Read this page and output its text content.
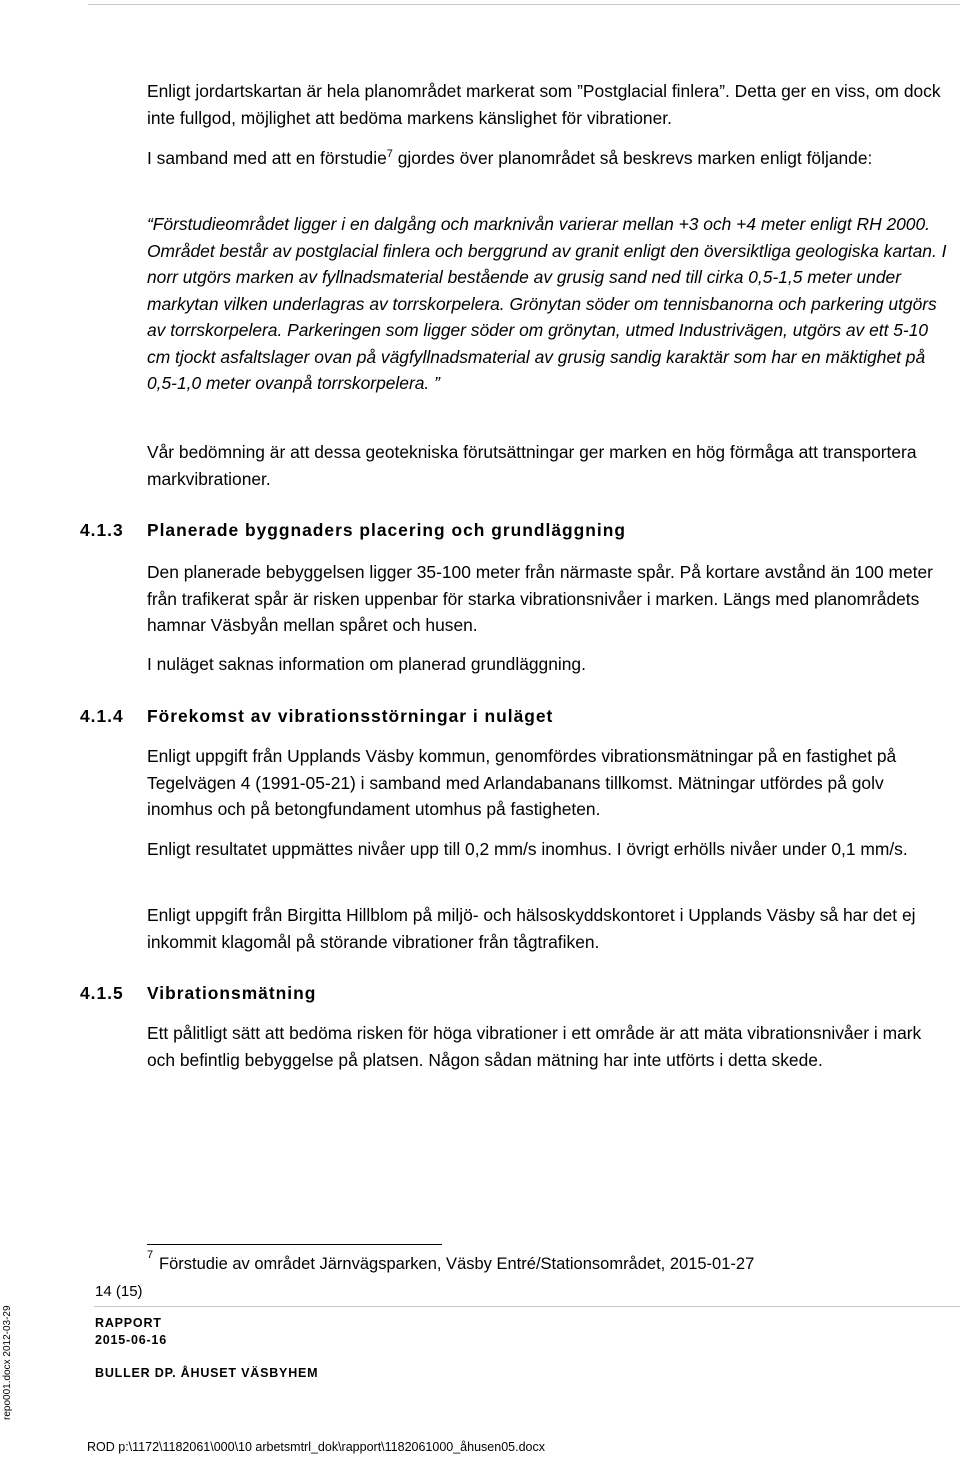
Enligt jordartskartan är hela planområdet markerat som ”Postglacial finlera”. Detta ger en viss, om dock inte fullgod, möjlighet att bedöma markens känslighet för vibrationer.

I samband med att en förstudie$^7$ gjordes över planområdet så beskrevs marken enligt följande:

“Förstudieområdet ligger i en dalgång och marknivån varierar mellan +3 och +4 meter enligt RH 2000. Området består av postglacial finlera och berggrund av granit enligt den översiktliga geologiska kartan. I norr utgörs marken av fyllnadsmaterial bestående av grusig sand ned till cirka 0,5-1,5 meter under markytan vilken underlagras av torrskorpelera. Grönytan söder om tennisbanorna och parkering utgörs av torrskorpelera. Parkeringen som ligger söder om grönytan, utmed Industrivägen, utgörs av ett 5-10 cm tjockt asfaltslager ovan på vägfyllnadsmaterial av grusig sandig karaktär som har en mäktighet på 0,5-1,0 meter ovanpå torrskorpelera. ”

Vår bedömning är att dessa geotekniska förutsättningar ger marken en hög förmåga att transportera markvibrationer.

4.1.3	Planerade byggnaders placering och grundläggning

Den planerade bebyggelsen ligger 35-100 meter från närmaste spår. På kortare avstånd än 100 meter från trafikerat spår är risken uppenbar för starka vibrationsnivåer i marken. Längs med planområdets hamnar Väsbyån mellan spåret och husen.

I nuläget saknas information om planerad grundläggning.

4.1.4	Förekomst av vibrationsstörningar i nuläget

Enligt uppgift från Upplands Väsby kommun, genomfördes vibrationsmätningar på en fastighet på Tegelvägen 4 (1991-05-21) i samband med Arlandabanans tillkomst. Mätningar utfördes på golv inomhus och på betongfundament utomhus på fastigheten.

Enligt resultatet uppmättes nivåer upp till 0,2 mm/s inomhus. I övrigt erhölls nivåer under 0,1 mm/s.

Enligt uppgift från Birgitta Hillblom på miljö- och hälsoskyddskontoret i Upplands Väsby så har det ej inkommit klagomål på störande vibrationer från tågtrafiken.

4.1.5	Vibrationsmätning

Ett pålitligt sätt att bedöma risken för höga vibrationer i ett område är att mäta vibrationsnivåer i mark och befintlig bebyggelse på platsen. Någon sådan mätning har inte utförts i detta skede.

7 Förstudie av området Järnvägsparken, Väsby Entré/Stationsområdet, 2015-01-27
14 (15)
RAPPORT
2015-06-16
BULLER DP. ÅHUSET VÄSBYHEM
repo001.docx 2012-03-29
ROD p:\1172\1182061\000\10 arbetsmtrl_dok\rapport\1182061000_åhusen05.docx
